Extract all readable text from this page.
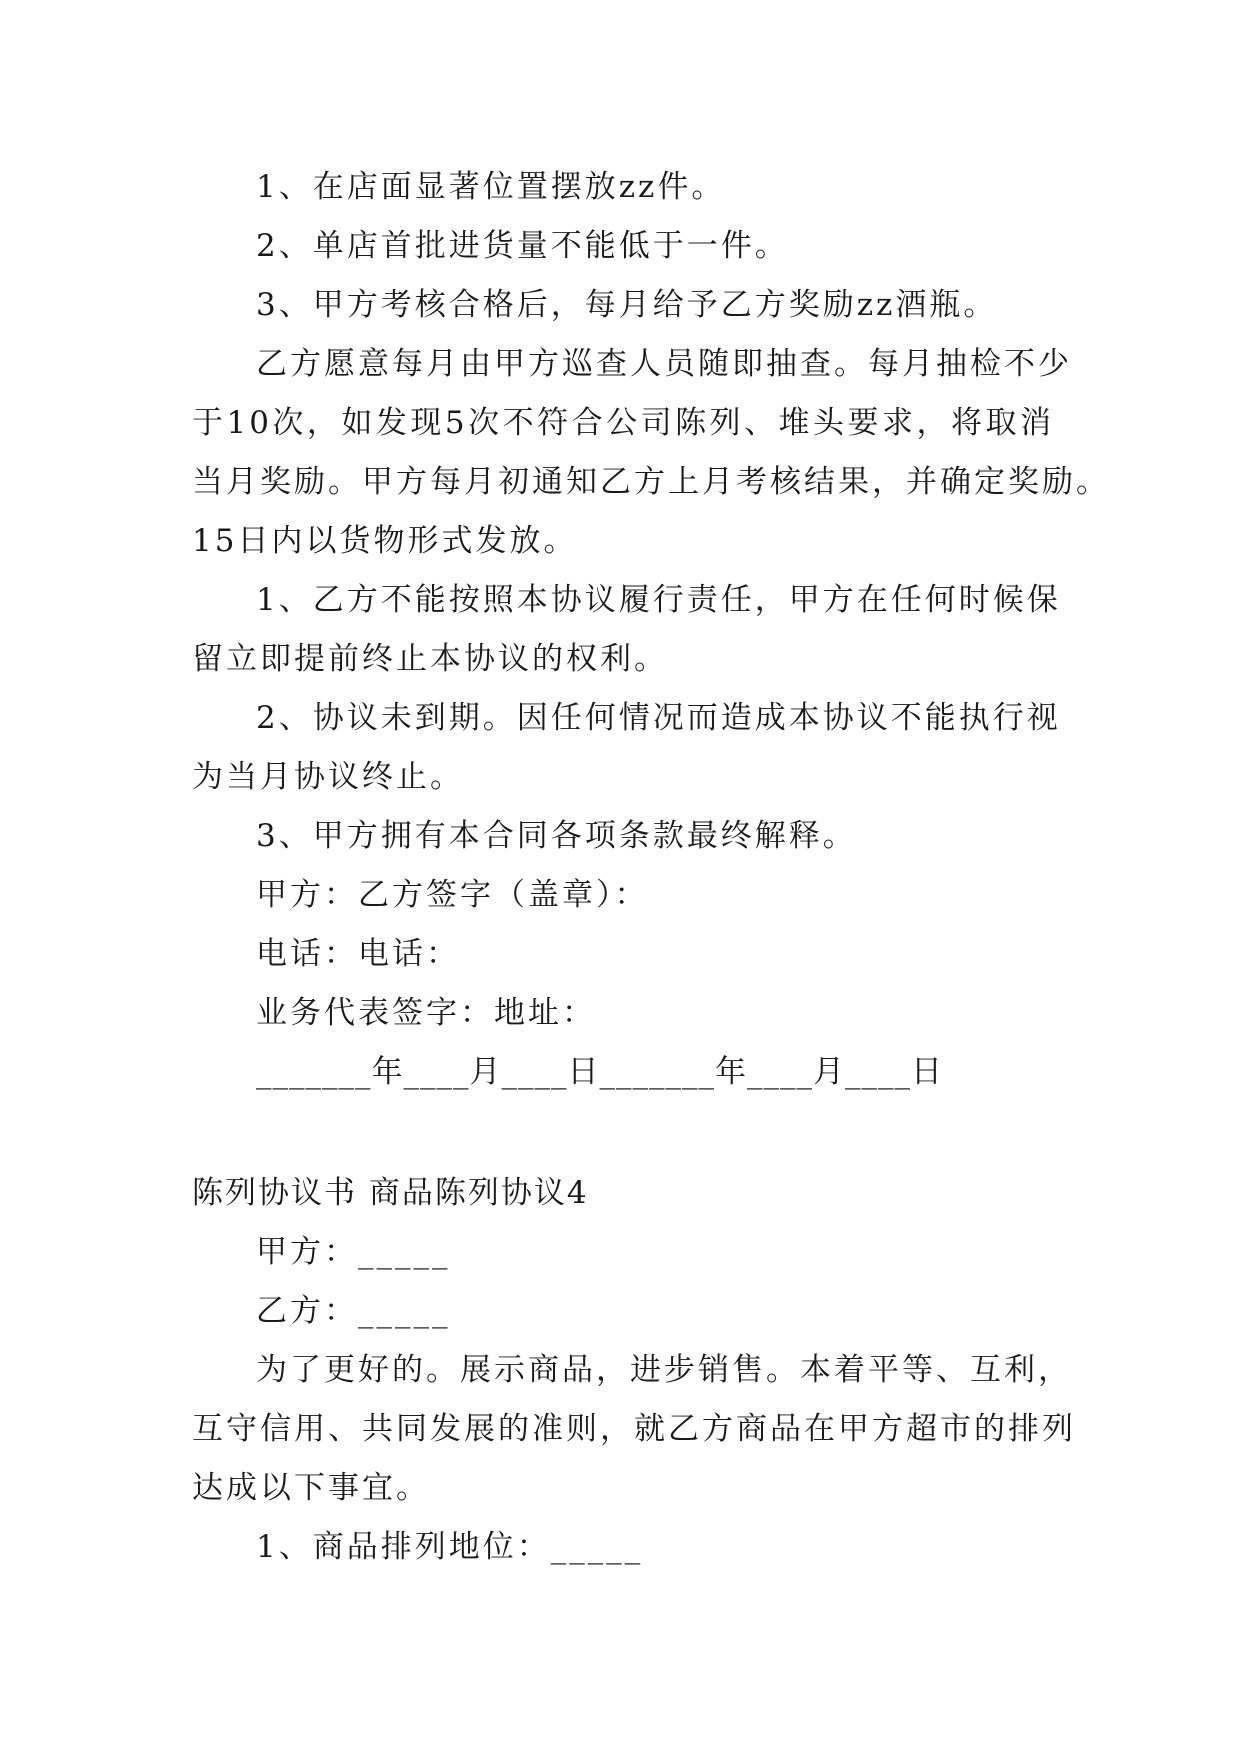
1、在店面显著位置摆放zz件。
2、单店首批进货量不能低于一件。
3、甲方考核合格后，每月给予乙方奖励zz酒瓶。
乙方愿意每月由甲方巡查人员随即抽查。每月抽检不少
于10次，如发现5次不符合公司陈列、堆头要求，将取消
当月奖励。甲方每月初通知乙方上月考核结果，并确定奖励。
15日内以货物形式发放。
1、乙方不能按照本协议履行责任，甲方在任何时候保
留立即提前终止本协议的权利。
2、协议未到期。因任何情况而造成本协议不能执行视
为当月协议终止。
3、甲方拥有本合同各项条款最终解释。
甲方：乙方签字（盖章）：
电话：电话：
业务代表签字：地址：
_______年____月____日_______年____月____日
陈列协议书 商品陈列协议4
甲方：_____
乙方：_____
为了更好的。展示商品，进步销售。本着平等、互利，
互守信用、共同发展的准则，就乙方商品在甲方超市的排列
达成以下事宜。
1、商品排列地位：_____
